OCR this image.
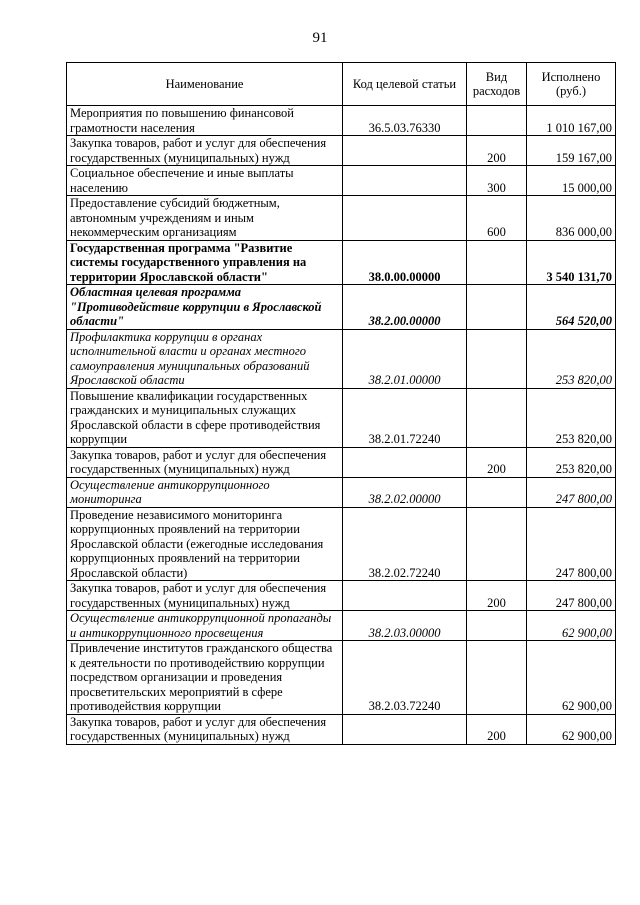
91
Наименование	Код целевой статьи	Вид расходов	Исполнено (руб.)
Мероприятия по повышению финансовой грамотности населения	36.5.03.76330		1 010 167,00
Закупка товаров, работ и услуг для обеспечения государственных (муниципальных) нужд		200	159 167,00
Социальное обеспечение и иные выплаты населению		300	15 000,00
Предоставление субсидий бюджетным, автономным учреждениям и иным некоммерческим организациям		600	836 000,00
Государственная программа "Развитие системы государственного управления на территории Ярославской области"	38.0.00.00000		3 540 131,70
Областная целевая программа "Противодействие коррупции в Ярославской области"	38.2.00.00000		564 520,00
Профилактика коррупции в органах исполнительной власти и органах местного самоуправления муниципальных образований Ярославской области	38.2.01.00000		253 820,00
Повышение квалификации государственных гражданских и муниципальных служащих Ярославской области в сфере противодействия коррупции	38.2.01.72240		253 820,00
Закупка товаров, работ и услуг для обеспечения государственных (муниципальных) нужд		200	253 820,00
Осуществление антикоррупционного мониторинга	38.2.02.00000		247 800,00
Проведение независимого мониторинга коррупционных проявлений на территории Ярославской области (ежегодные исследования коррупционных проявлений на территории Ярославской области)	38.2.02.72240		247 800,00
Закупка товаров, работ и услуг для обеспечения государственных (муниципальных) нужд		200	247 800,00
Осуществление антикоррупционной пропаганды и антикоррупционного просвещения	38.2.03.00000		62 900,00
Привлечение институтов гражданского общества к деятельности по противодействию коррупции посредством организации и проведения просветительских мероприятий в сфере противодействия коррупции	38.2.03.72240		62 900,00
Закупка товаров, работ и услуг для обеспечения государственных (муниципальных) нужд		200	62 900,00
